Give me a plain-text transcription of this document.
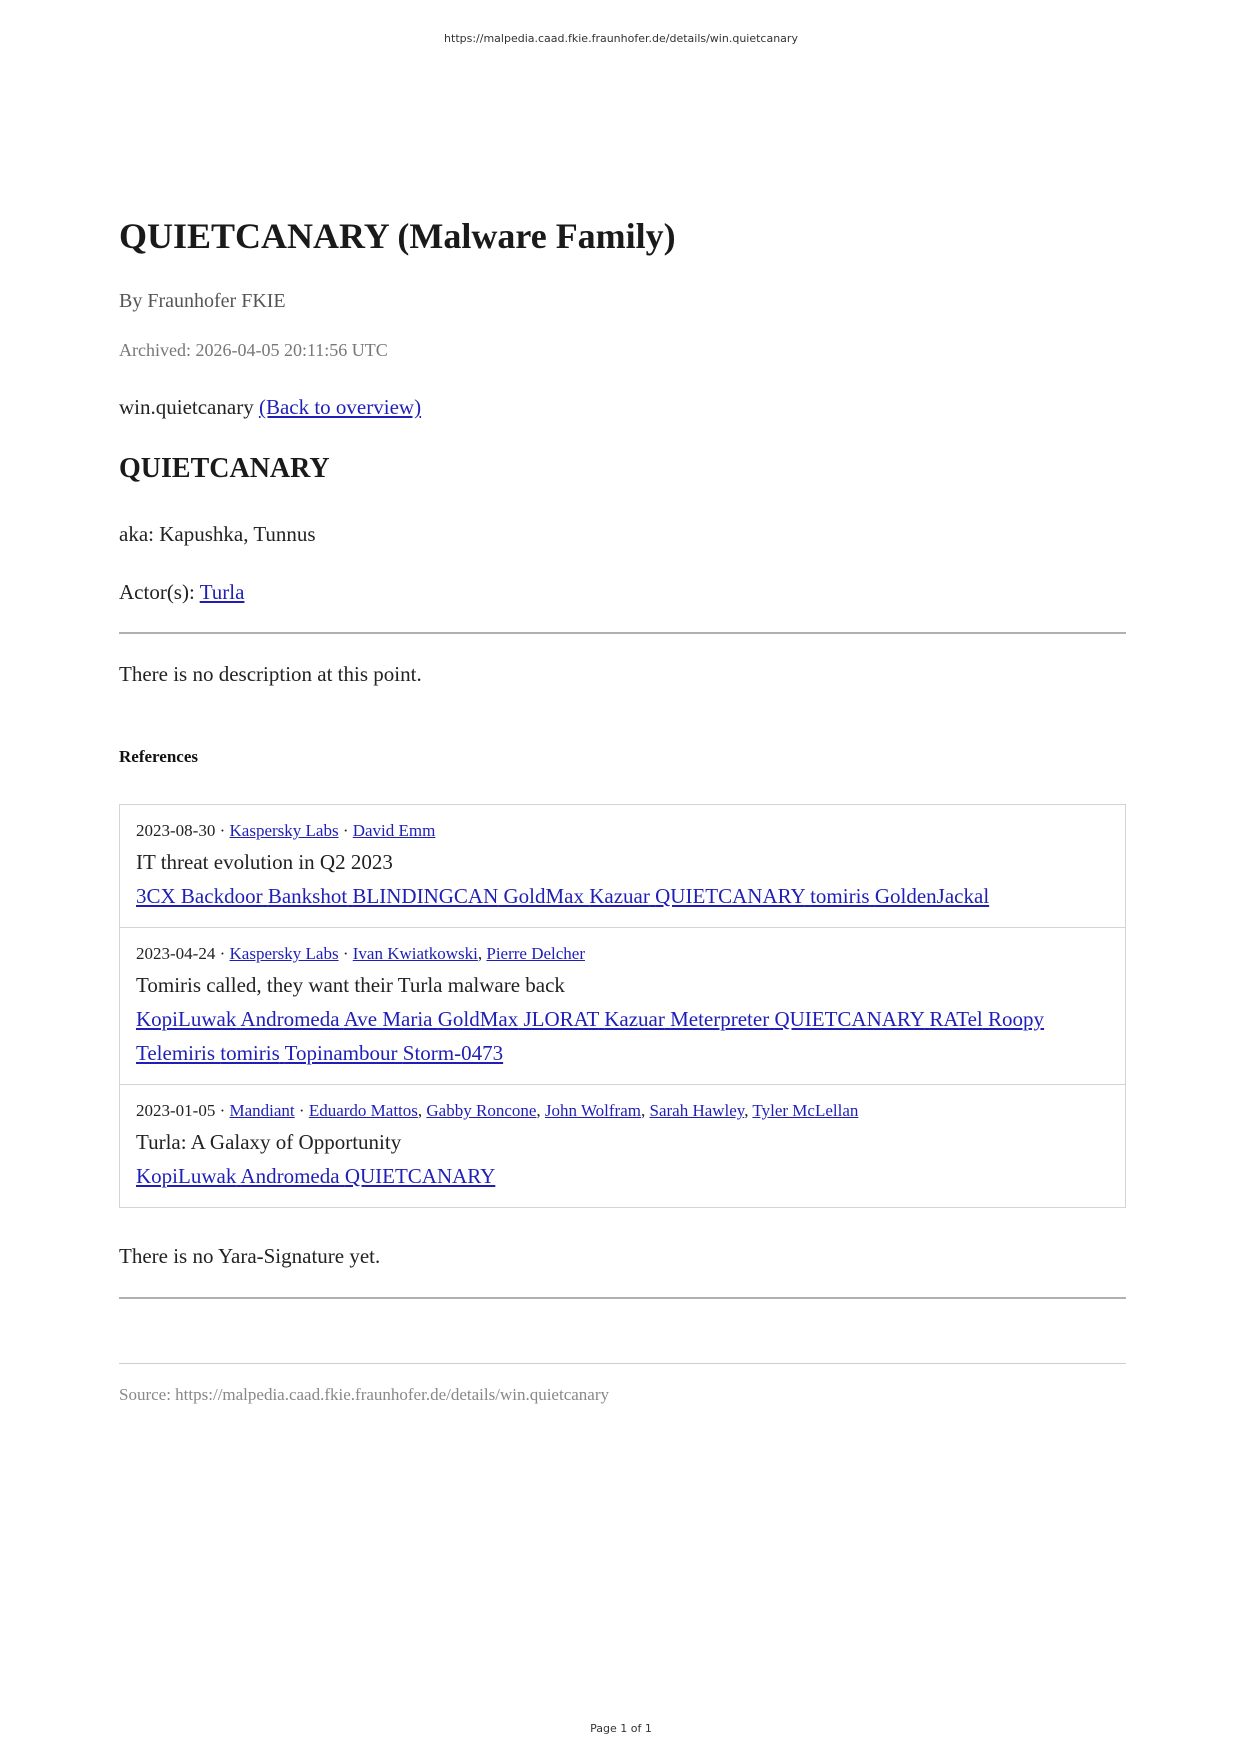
https://malpedia.caad.fkie.fraunhofer.de/details/win.quietcanary
QUIETCANARY (Malware Family)
By Fraunhofer FKIE
Archived: 2026-04-05 20:11:56 UTC
win.quietcanary (Back to overview)
QUIETCANARY
aka: Kapushka, Tunnus
Actor(s): Turla
There is no description at this point.
References
2023-08-30 · Kaspersky Labs · David Emm
IT threat evolution in Q2 2023
3CX Backdoor Bankshot BLINDINGCAN GoldMax Kazuar QUIETCANARY tomiris GoldenJackal
2023-04-24 · Kaspersky Labs · Ivan Kwiatkowski, Pierre Delcher
Tomiris called, they want their Turla malware back
KopiLuwak Andromeda Ave Maria GoldMax JLORAT Kazuar Meterpreter QUIETCANARY RATel Roopy Telemiris tomiris Topinambour Storm-0473
2023-01-05 · Mandiant · Eduardo Mattos, Gabby Roncone, John Wolfram, Sarah Hawley, Tyler McLellan
Turla: A Galaxy of Opportunity
KopiLuwak Andromeda QUIETCANARY
There is no Yara-Signature yet.
Source: https://malpedia.caad.fkie.fraunhofer.de/details/win.quietcanary
Page 1 of 1
